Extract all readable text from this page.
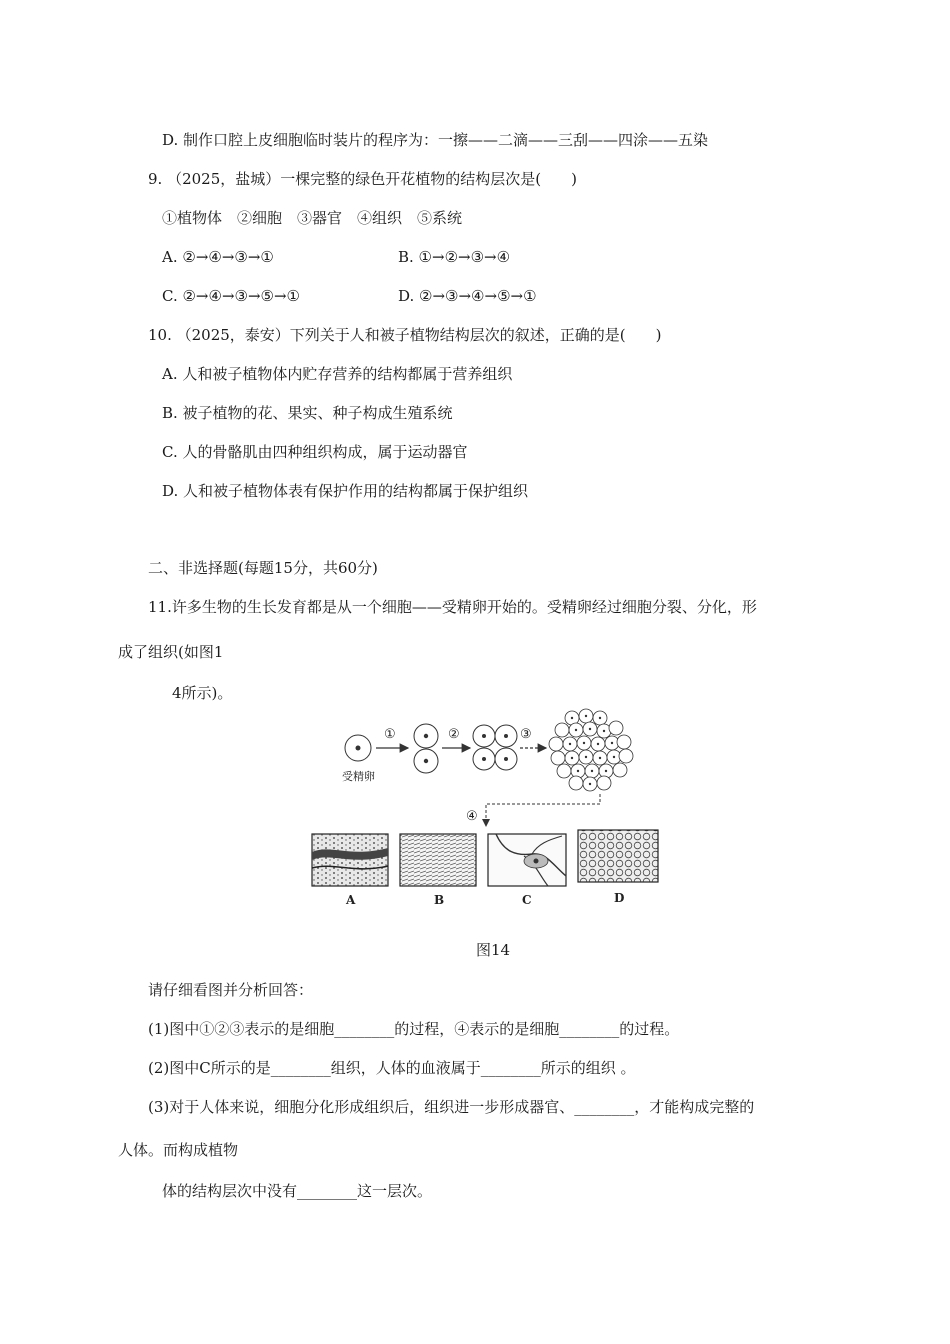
D. 制作口腔上皮细胞临时装片的程序为：一擦——二滴——三刮——四涂——五染
9. （2025，盐城）一棵完整的绿色开花植物的结构层次是(　　)
①植物体　②细胞　③器官　④组织　⑤系统
A. ②→④→③→①	B. ①→②→③→④
C. ②→④→③→⑤→①	D. ②→③→④→⑤→①
10. （2025，泰安）下列关于人和被子植物结构层次的叙述，正确的是(　　)
A. 人和被子植物体内贮存营养的结构都属于营养组织
B. 被子植物的花、果实、种子构成生殖系统
C. 人的骨骼肌由四种组织构成，属于运动器官
D. 人和被子植物体表有保护作用的结构都属于保护组织
二、非选择题(每题15分，共60分)
11.许多生物的生长发育都是从一个细胞——受精卵开始的。受精卵经过细胞分裂、分化，形
成了组织(如图1
4所示)。
受精卵
①	②	③
④
A	B	C	D
图14
请仔细看图并分析回答：
(1)图中①②③表示的是细胞________的过程，④表示的是细胞________的过程。
(2)图中C所示的是________组织，人体的血液属于________所示的组织 。
(3)对于人体来说，细胞分化形成组织后，组织进一步形成器官、________，才能构成完整的
人体。而构成植物
体的结构层次中没有________这一层次。
